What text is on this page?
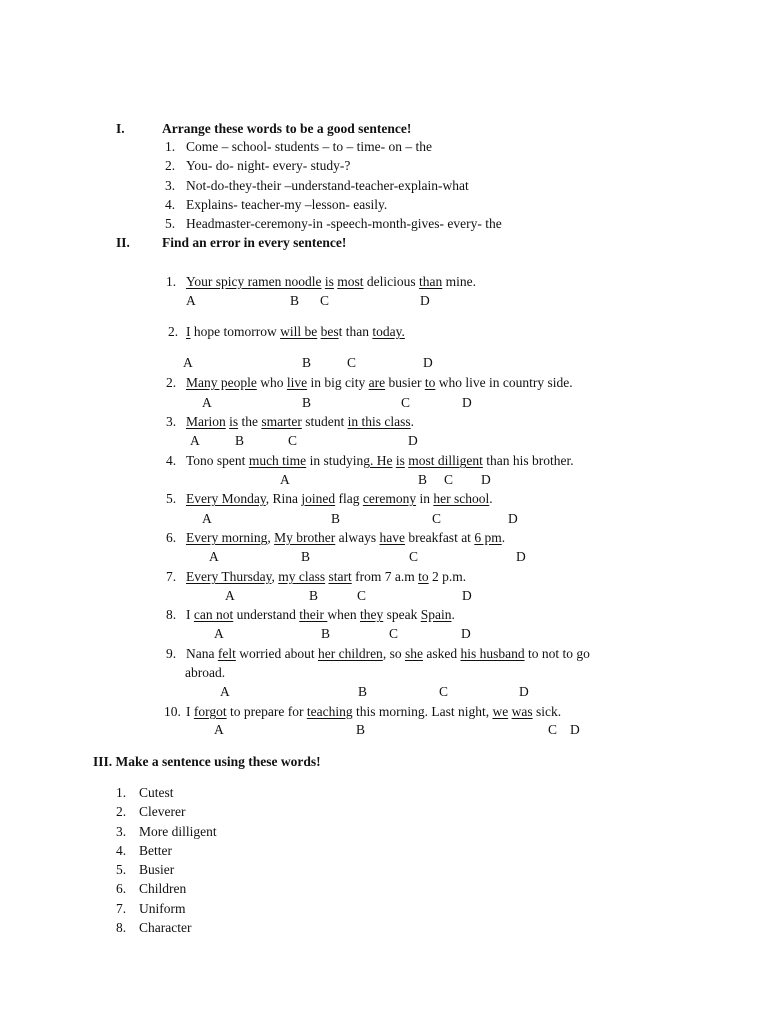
I.	Arrange these words to be a good sentence!
1. Come – school- students – to – time- on – the
2. You- do- night- every- study-?
3. Not-do-they-their –understand-teacher-explain-what
4. Explains- teacher-my –lesson- easily.
5. Headmaster-ceremony-in -speech-month-gives- every- the
II. Find an error in every sentence!
1. Your spicy ramen noodle is most delicious than mine.
A	B C	D
2. I hope tomorrow will be best than today.
A	B	C	D
2. Many people who live in big city are busier to who live in country side.
A	B	C	D
3. Marion is the smarter student in this class.
A	B	C	D
4. Tono spent much time in studying. He is most dilligent than his brother.
A	B C D
5. Every Monday, Rina joined flag ceremony in her school.
A	B	C	D
6. Every morning, My brother always have breakfast at 6 pm.
A	B	C	D
7. Every Thursday, my class start from 7 a.m to 2 p.m.
A	B	C	D
8. I can not understand their when they speak Spain.
A	B	C	D
9. Nana felt worried about her children, so she asked his husband to not to go
abroad.
A	B	C	D
10. I forgot to prepare for teaching this morning. Last night, we was sick.
A	B	C D
III. Make a sentence using these words!
1. Cutest
2. Cleverer
3. More dilligent
4. Better
5. Busier
6. Children
7. Uniform
8. Character
